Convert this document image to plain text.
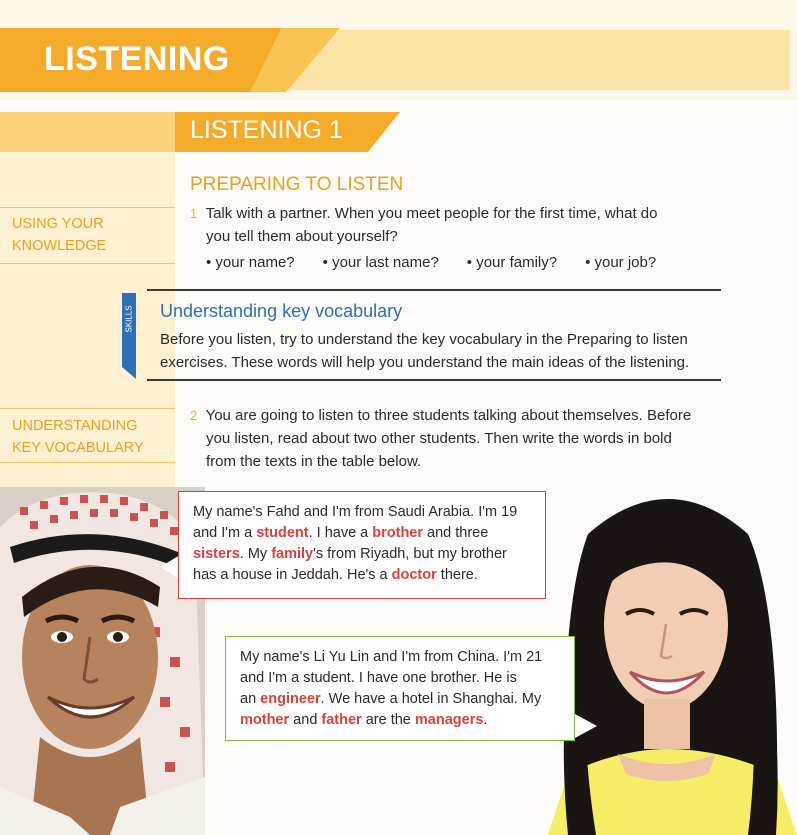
LISTENING
LISTENING 1
USING YOUR
KNOWLEDGE
UNDERSTANDING
KEY VOCABULARY
PREPARING TO LISTEN
1 Talk with a partner. When you meet people for the first time, what do
you tell them about yourself?
• your name? • your last name? • your family? • your job?
SKILLS Understanding key vocabulary
Before you listen, try to understand the key vocabulary in the Preparing to listen
exercises. These words will help you understand the main ideas of the listening.
2 You are going to listen to three students talking about themselves. Before
you listen, read about two other students. Then write the words in bold
from the texts in the table below.
My name's Fahd and I'm from Saudi Arabia. I'm 19
and I'm a student. I have a brother and three
sisters. My family's from Riyadh, but my brother
has a house in Jeddah. He's a doctor there.
My name's Li Yu Lin and I'm from China. I'm 21
and I'm a student. I have one brother. He is
an engineer. We have a hotel in Shanghai. My
mother and father are the managers.
